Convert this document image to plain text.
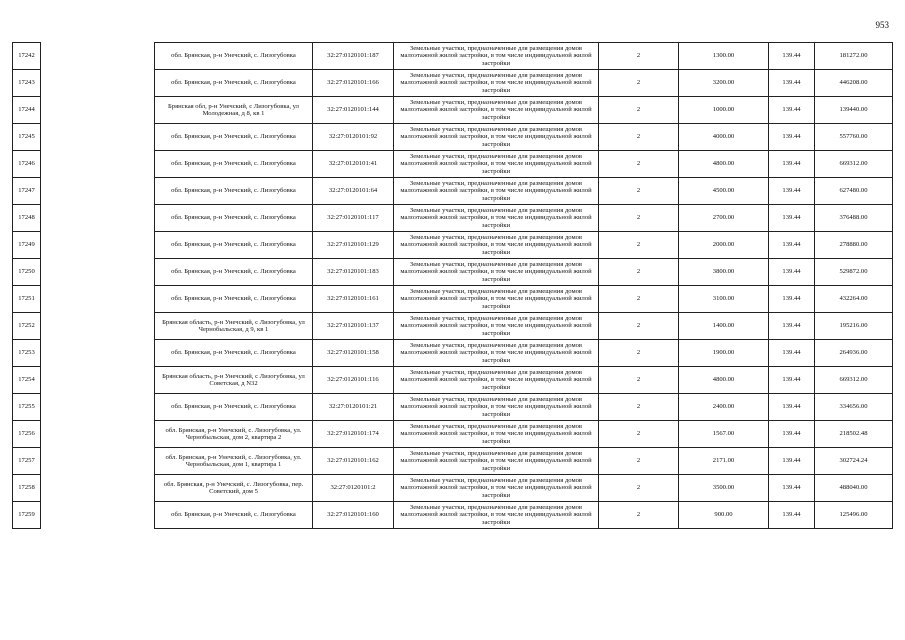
953
17242		обл. Брянская, р-н Унечский, с. Лизогубовка	32:27:0120101:187	Земельные участки, предназначенные для размещения домов малоэтажной жилой застройки, в том числе индивидуальной жилой застройки	2	1300.00	139.44	181272.00
17243		обл. Брянская, р-н Унечский, с. Лизогубовка	32:27:0120101:166	Земельные участки, предназначенные для размещения домов малоэтажной жилой застройки, в том числе индивидуальной жилой застройки	2	3200.00	139.44	446208.00
17244		Брянская обл, р-н Унечский, с Лизогубовка, ул Молодежная, д 8, кв 1	32:27:0120101:144	Земельные участки, предназначенные для размещения домов малоэтажной жилой застройки, в том числе индивидуальной жилой застройки	2	1000.00	139.44	139440.00
17245		обл. Брянская, р-н Унечский, с. Лизогубовка	32:27:0120101:92	Земельные участки, предназначенные для размещения домов малоэтажной жилой застройки, в том числе индивидуальной жилой застройки	2	4000.00	139.44	557760.00
17246		обл. Брянская, р-н Унечский, с. Лизогубовка	32:27:0120101:41	Земельные участки, предназначенные для размещения домов малоэтажной жилой застройки, в том числе индивидуальной жилой застройки	2	4800.00	139.44	669312.00
17247		обл. Брянская, р-н Унечский, с. Лизогубовка	32:27:0120101:64	Земельные участки, предназначенные для размещения домов малоэтажной жилой застройки, в том числе индивидуальной жилой застройки	2	4500.00	139.44	627480.00
17248		обл. Брянская, р-н Унечский, с. Лизогубовка	32:27:0120101:117	Земельные участки, предназначенные для размещения домов малоэтажной жилой застройки, в том числе индивидуальной жилой застройки	2	2700.00	139.44	376488.00
17249		обл. Брянская, р-н Унечский, с. Лизогубовка	32:27:0120101:129	Земельные участки, предназначенные для размещения домов малоэтажной жилой застройки, в том числе индивидуальной жилой застройки	2	2000.00	139.44	278880.00
17250		обл. Брянская, р-н Унечский, с. Лизогубовка	32:27:0120101:183	Земельные участки, предназначенные для размещения домов малоэтажной жилой застройки, в том числе индивидуальной жилой застройки	2	3800.00	139.44	529872.00
17251		обл. Брянская, р-н Унечский, с. Лизогубовка	32:27:0120101:161	Земельные участки, предназначенные для размещения домов малоэтажной жилой застройки, в том числе индивидуальной жилой застройки	2	3100.00	139.44	432264.00
17252		Брянская область, р-н Унечский, с Лизогубовка, ул Чернобыльская, д 9, кв 1	32:27:0120101:137	Земельные участки, предназначенные для размещения домов малоэтажной жилой застройки, в том числе индивидуальной жилой застройки	2	1400.00	139.44	195216.00
17253		обл. Брянская, р-н Унечский, с. Лизогубовка	32:27:0120101:158	Земельные участки, предназначенные для размещения домов малоэтажной жилой застройки, в том числе индивидуальной жилой застройки	2	1900.00	139.44	264936.00
17254		Брянская область, р-н Унечский, с Лизогубовка, ул Советская, д N32	32:27:0120101:116	Земельные участки, предназначенные для размещения домов малоэтажной жилой застройки, в том числе индивидуальной жилой застройки	2	4800.00	139.44	669312.00
17255		обл. Брянская, р-н Унечский, с. Лизогубовка	32:27:0120101:21	Земельные участки, предназначенные для размещения домов малоэтажной жилой застройки, в том числе индивидуальной жилой застройки	2	2400.00	139.44	334656.00
17256		обл. Брянская, р-н Унечский, с. Лизогубовка, ул. Чернобыльская, дом 2, квартира 2	32:27:0120101:174	Земельные участки, предназначенные для размещения домов малоэтажной жилой застройки, в том числе индивидуальной жилой застройки	2	1567.00	139.44	218502.48
17257		обл. Брянская, р-н Унечский, с. Лизогубовка, ул. Чернобыльская, дом 1, квартира 1	32:27:0120101:162	Земельные участки, предназначенные для размещения домов малоэтажной жилой застройки, в том числе индивидуальной жилой застройки	2	2171.00	139.44	302724.24
17258		обл. Брянская, р-н Унечский, с. Лизогубовка, пер. Советский, дом 5	32:27:0120101:2	Земельные участки, предназначенные для размещения домов малоэтажной жилой застройки, в том числе индивидуальной жилой застройки	2	3500.00	139.44	488040.00
17259		обл. Брянская, р-н Унечский, с. Лизогубовка	32:27:0120101:160	Земельные участки, предназначенные для размещения домов малоэтажной жилой застройки, в том числе индивидуальной жилой застройки	2	900.00	139.44	125496.00
